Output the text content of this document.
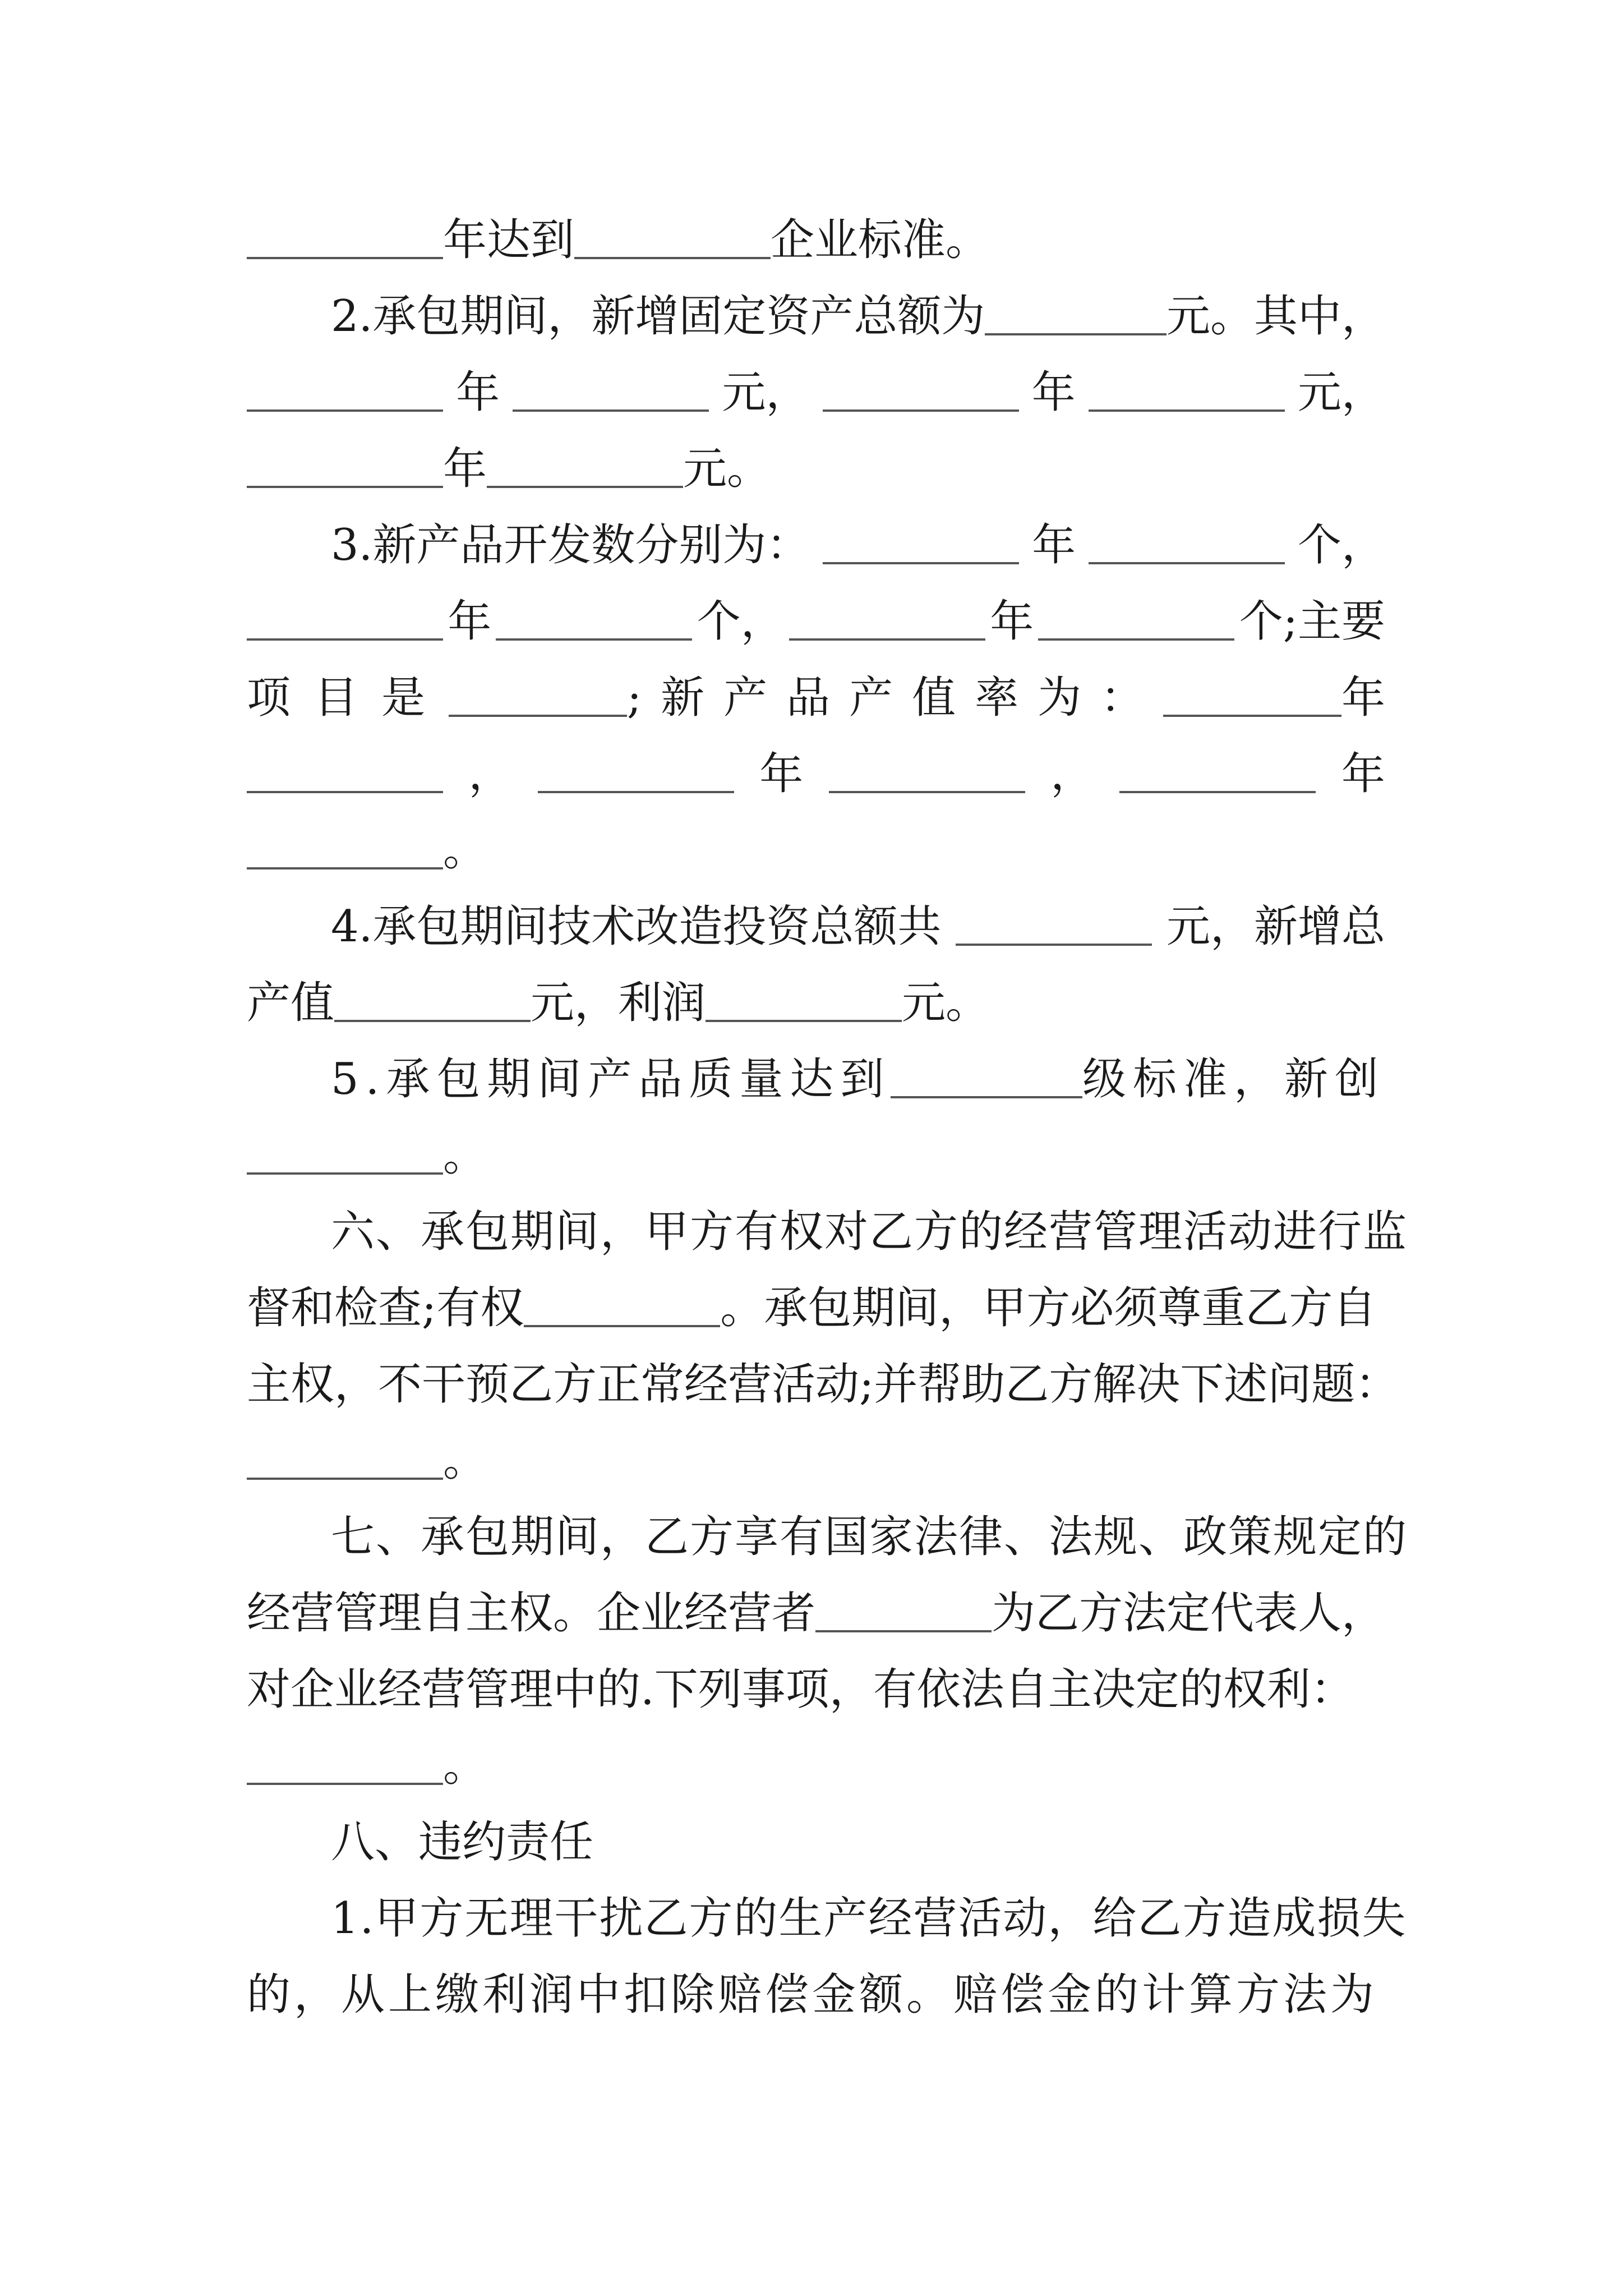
年达到	企业标准。
2.承包期间，新增固定资产总额为	元。其中，
年	元，	年	元，
年	元。
3.新产品开发数分别为：	年	个，
年	个，	年	个;主要
项目是	;新产品产值率为：	年
，	年	，	年
。
4.承包期间技术改造投资总额共	元，新增总
产值	元，利润	元。
5.承包期间产品质量达到	级标准，新创
。
六、承包期间，甲方有权对乙方的经营管理活动进行监
督和检查;有权	。承包期间，甲方必须尊重乙方自
主权，不干预乙方正常经营活动;并帮助乙方解决下述问题：
。
七、承包期间，乙方享有国家法律、法规、政策规定的
经营管理自主权。企业经营者	为乙方法定代表人，
对企业经营管理中的.下列事项，有依法自主决定的权利：
。
八、违约责任
1.甲方无理干扰乙方的生产经营活动，给乙方造成损失
的，从上缴利润中扣除赔偿金额。赔偿金的计算方法为
